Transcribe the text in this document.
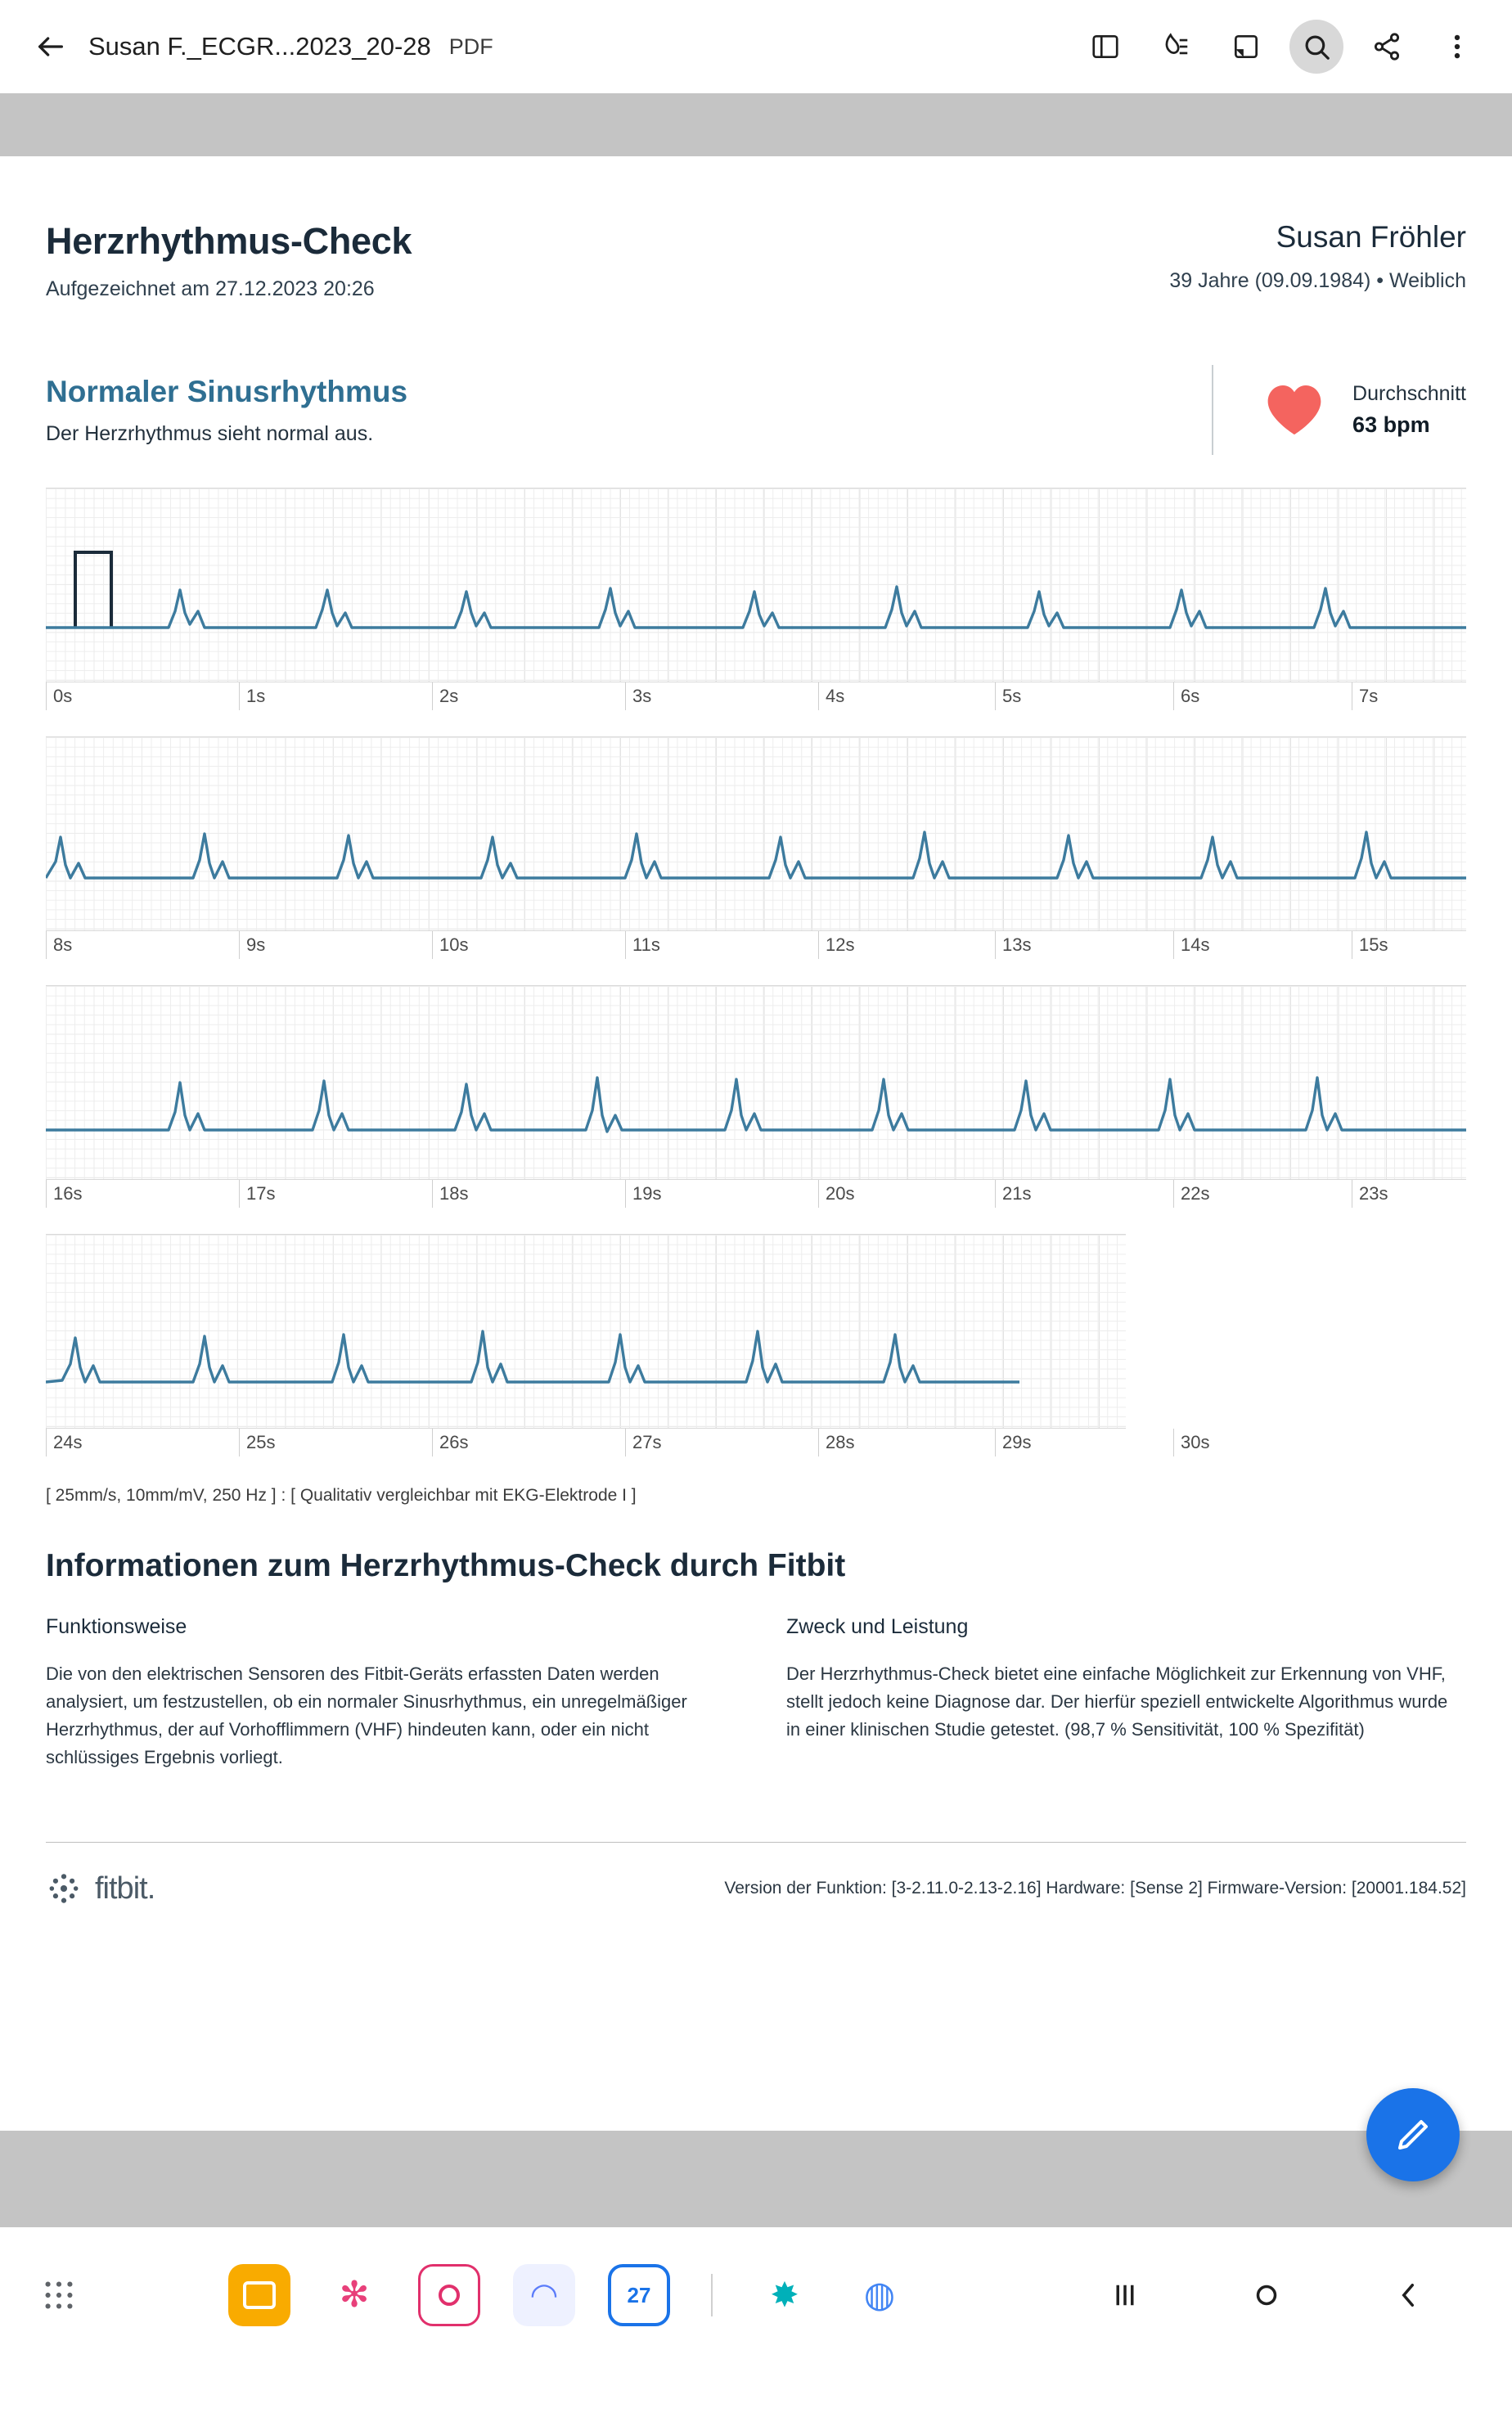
Susan F._ECGR...2023_20-28 PDF
Herzrhythmus-Check
Aufgezeichnet am 27.12.2023 20:26
Susan Fröhler
39 Jahre (09.09.1984) • Weiblich
Normaler Sinusrhythmus
Der Herzrhythmus sieht normal aus.
Durchschnitt
63 bpm
0s	1s	2s	3s	4s	5s	6s	7s
8s	9s	10s	11s	12s	13s	14s	15s
16s	17s	18s	19s	20s	21s	22s	23s
24s	25s	26s	27s	28s	29s	30s
[ 25mm/s, 10mm/mV, 250 Hz ] : [ Qualitativ vergleichbar mit EKG-Elektrode I ]
Informationen zum Herzrhythmus-Check durch Fitbit
Funktionsweise
Die von den elektrischen Sensoren des Fitbit-Geräts erfassten Daten werden analysiert, um festzustellen, ob ein normaler Sinusrhythmus, ein unregelmäßiger Herzrhythmus, der auf Vorhofflimmern (VHF) hindeuten kann, oder ein nicht schlüssiges Ergebnis vorliegt.
Zweck und Leistung
Der Herzrhythmus-Check bietet eine einfache Möglichkeit zur Erkennung von VHF, stellt jedoch keine Diagnose dar. Der hierfür speziell entwickelte Algorithmus wurde in einer klinischen Studie getestet. (98,7 % Sensitivität, 100 % Spezifität)
fitbit.	Version der Funktion: [3-2.11.0-2.13-2.16] Hardware: [Sense 2] Firmware-Version: [20001.184.52]
✻	◠	27	✸ ◍
